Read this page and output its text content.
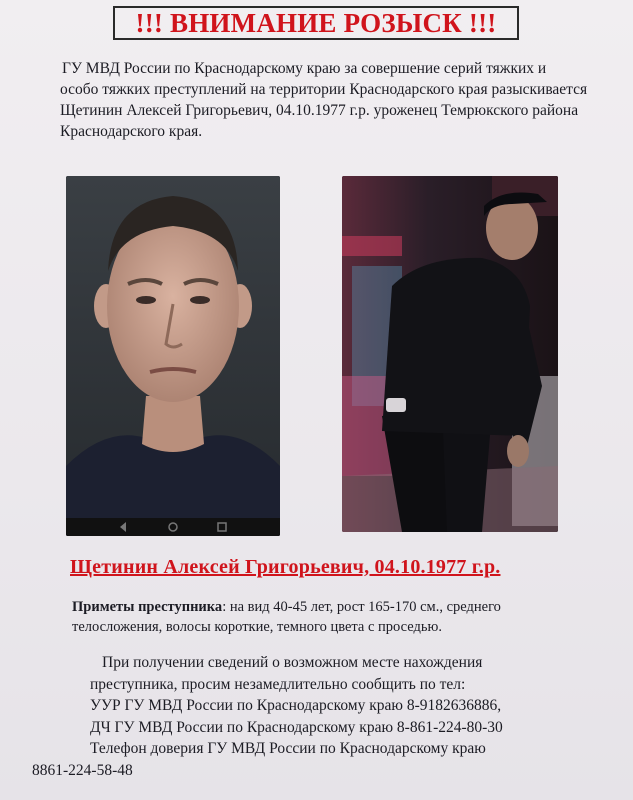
!!! ВНИМАНИЕ РОЗЫСК !!!
ГУ МВД России по Краснодарскому краю за совершение серий тяжких и
особо тяжких преступлений на территории Краснодарского края разыскивается
Щетинин Алексей Григорьевич, 04.10.1977 г.р. уроженец Темрюкского района
Краснодарского края.
Щетинин Алексей Григорьевич, 04.10.1977 г.р.
Приметы преступника: на вид 40-45 лет, рост 165-170 см., среднего
телосложения, волосы короткие, темного цвета с проседью.
При получении сведений о возможном месте нахождения
преступника, просим незамедлительно сообщить по тел:
УУР ГУ МВД России по Краснодарскому краю 8-9182636886,
ДЧ ГУ МВД России по Краснодарскому краю 8-861-224-80-30
Телефон доверия ГУ МВД России по Краснодарскому краю
8861-224-58-48
